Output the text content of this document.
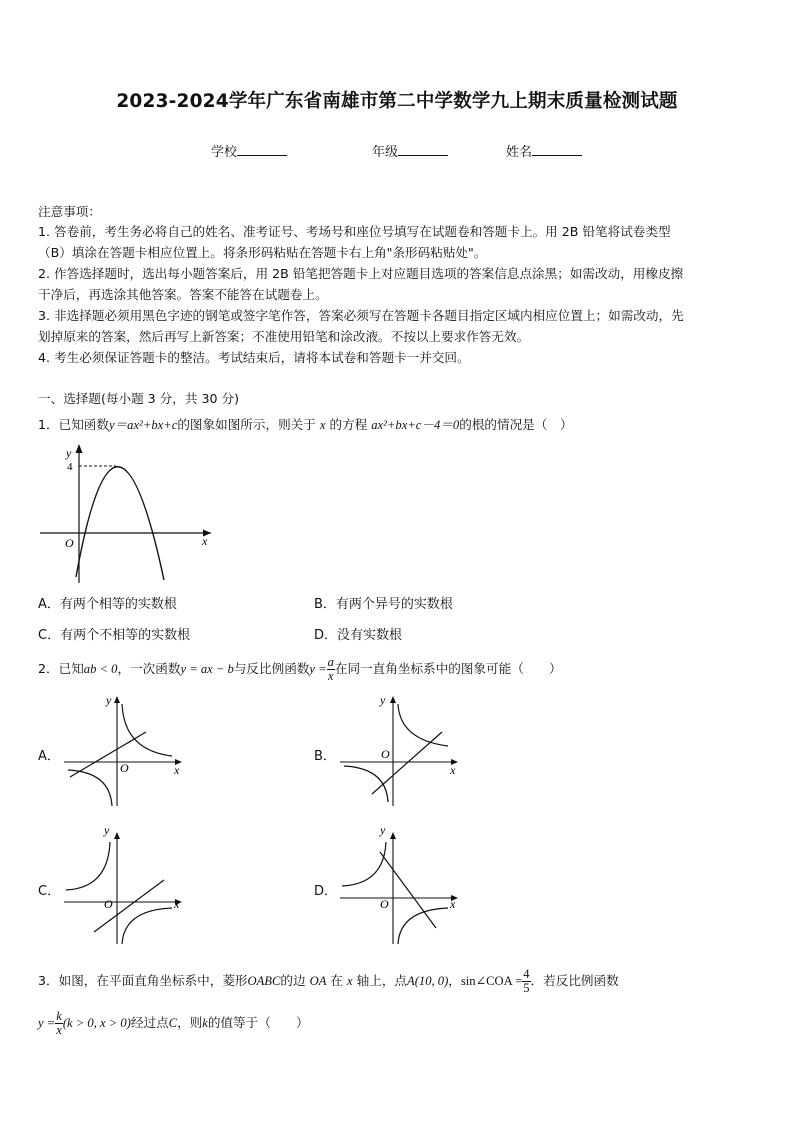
2023-2024学年广东省南雄市第二中学数学九上期末质量检测试题
学校	年级	姓名
注意事项：
1. 答卷前，考生务必将自己的姓名、准考证号、考场号和座位号填写在试题卷和答题卡上。用 2B 铅笔将试卷类型
（B）填涂在答题卡相应位置上。将条形码粘贴在答题卡右上角"条形码粘贴处"。
2. 作答选择题时，选出每小题答案后，用 2B 铅笔把答题卡上对应题目选项的答案信息点涂黑；如需改动，用橡皮擦
干净后，再选涂其他答案。答案不能答在试题卷上。
3. 非选择题必须用黑色字迹的钢笔或签字笔作答，答案必须写在答题卡各题目指定区域内相应位置上；如需改动，先
划掉原来的答案，然后再写上新答案；不准使用铅笔和涂改液。不按以上要求作答无效。
4. 考生必须保证答题卡的整洁。考试结束后，请将本试卷和答题卡一并交回。
一、选择题(每小题 3 分，共 30 分)
1．已知函数y＝ax²+bx+c的图象如图所示，则关于 x 的方程 ax²+bx+c－4＝0的根的情况是（　）
y
4
O	x
A．有两个相等的实数根	B．有两个异号的实数根
C．有两个不相等的实数根	D．没有实数根
2．已知ab < 0，一次函数y = ax − b与反比例函数$y = \frac{a}{x}$ 在同一直角坐标系中的图象可能（　　）
A．
y
O	x
B．
y
O
x
C．
y
O	x
D．
y
O	x
3．如图，在平面直角坐标系中，菱形OABC的边 OA 在 x 轴上，点A(10, 0)，sin∠COA = $\frac{4}{5}$ ．若反比例函数
$y = \frac{k}{x} (k > 0$, x > 0)经过点C，则k的值等于（　　）
